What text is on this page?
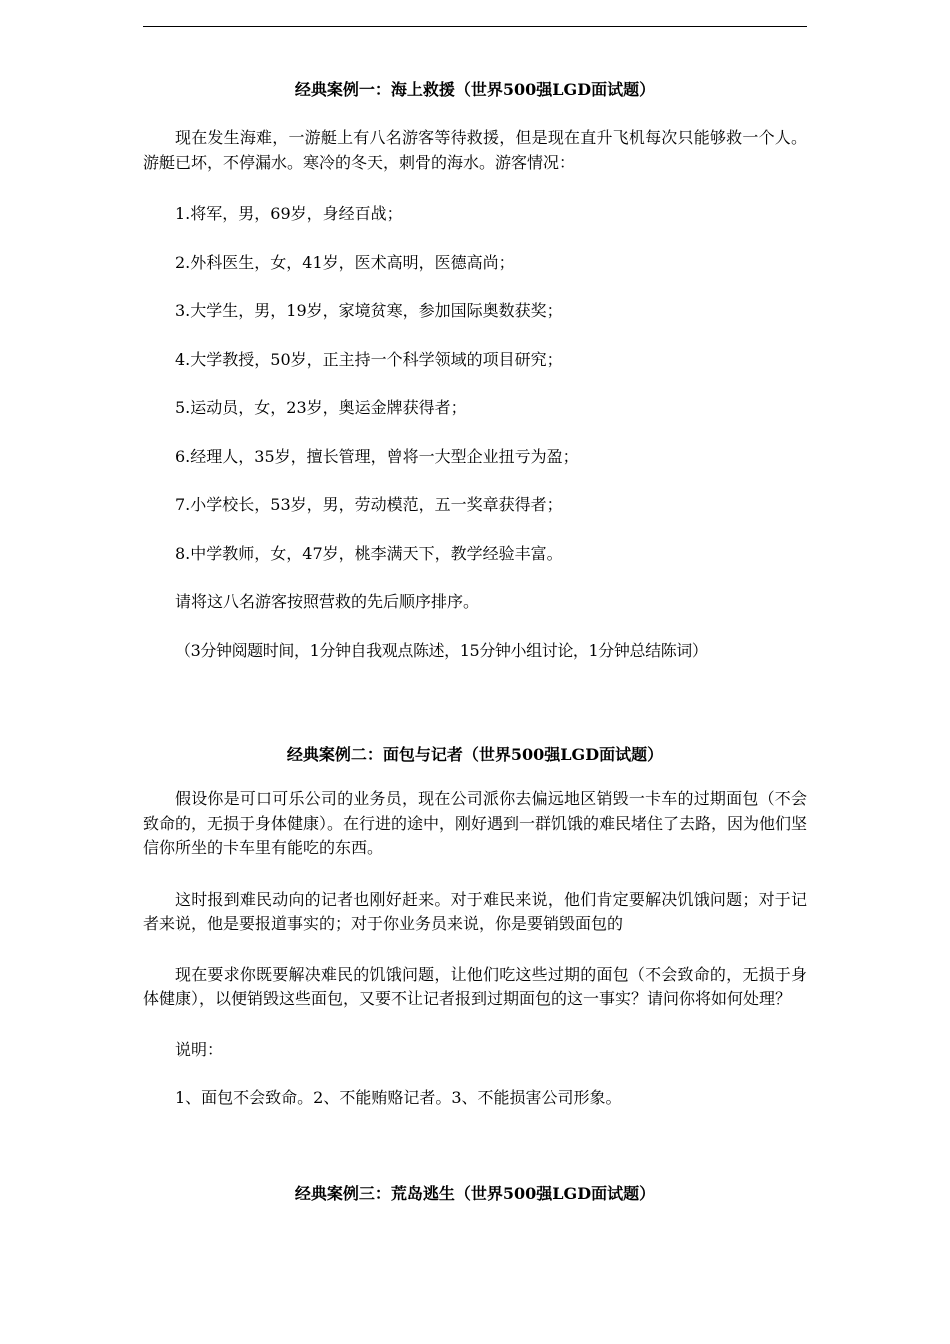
经典案例一：海上救援（世界500强LGD面试题）

现在发生海难，一游艇上有八名游客等待救援，但是现在直升飞机每次只能够救一个人。游艇已坏，不停漏水。寒冷的冬天，刺骨的海水。游客情况：

1.将军，男，69岁，身经百战；

2.外科医生，女，41岁，医术高明，医德高尚；

3.大学生，男，19岁，家境贫寒，参加国际奥数获奖；

4.大学教授，50岁，正主持一个科学领域的项目研究；

5.运动员，女，23岁，奥运金牌获得者；

6.经理人，35岁，擅长管理，曾将一大型企业扭亏为盈；

7.小学校长，53岁，男，劳动模范，五一奖章获得者；

8.中学教师，女，47岁，桃李满天下，教学经验丰富。

请将这八名游客按照营救的先后顺序排序。

（3分钟阅题时间，1分钟自我观点陈述，15分钟小组讨论，1分钟总结陈词）

经典案例二：面包与记者（世界500强LGD面试题）

假设你是可口可乐公司的业务员，现在公司派你去偏远地区销毁一卡车的过期面包（不会致命的，无损于身体健康）。在行进的途中，刚好遇到一群饥饿的难民堵住了去路，因为他们坚信你所坐的卡车里有能吃的东西。

这时报到难民动向的记者也刚好赶来。对于难民来说，他们肯定要解决饥饿问题；对于记者来说，他是要报道事实的；对于你业务员来说，你是要销毁面包的

现在要求你既要解决难民的饥饿问题，让他们吃这些过期的面包（不会致命的，无损于身体健康），以便销毁这些面包，又要不让记者报到过期面包的这一事实？请问你将如何处理？

说明：

1、面包不会致命。2、不能贿赂记者。3、不能损害公司形象。

经典案例三：荒岛逃生（世界500强LGD面试题）
